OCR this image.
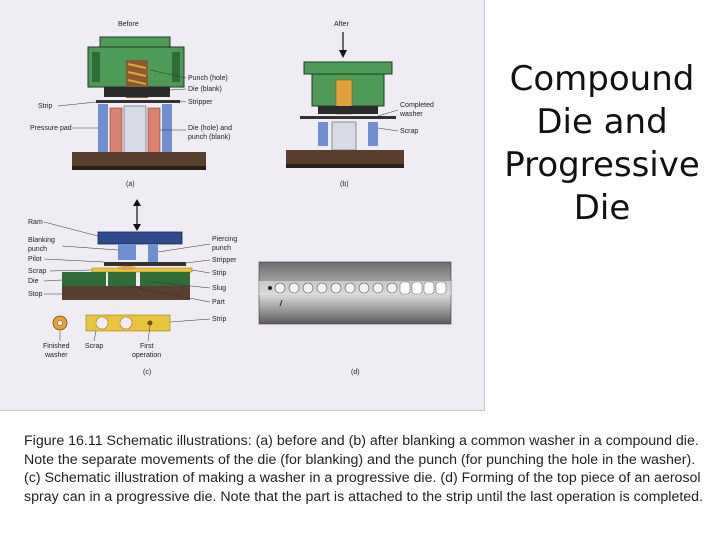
Before
Punch (hole)
Die (blank)
Stripper
Strip
Pressure pad	Die (hole) and
punch (blank)
(a)
After
Completed
washer
Scrap
(b)
Ram
Blanking
punch
Pilot
Scrap
Die
Stop
Piercing
punch
Stripper
Strip
Slug
Part
Strip
Finished
washer
Scrap	First
operation
(c)	(d)
Compound
Die and
Progressive
Die
Figure 16.11 Schematic illustrations: (a) before and (b) after blanking a common washer in a compound die. Note the separate movements of the die (for blanking) and the punch (for punching the hole in the washer). (c) Schematic illustration of making a washer in a progressive die. (d) Forming of the top piece of an aerosol spray can in a progressive die. Note that the part is attached to the strip until the last operation is completed.
